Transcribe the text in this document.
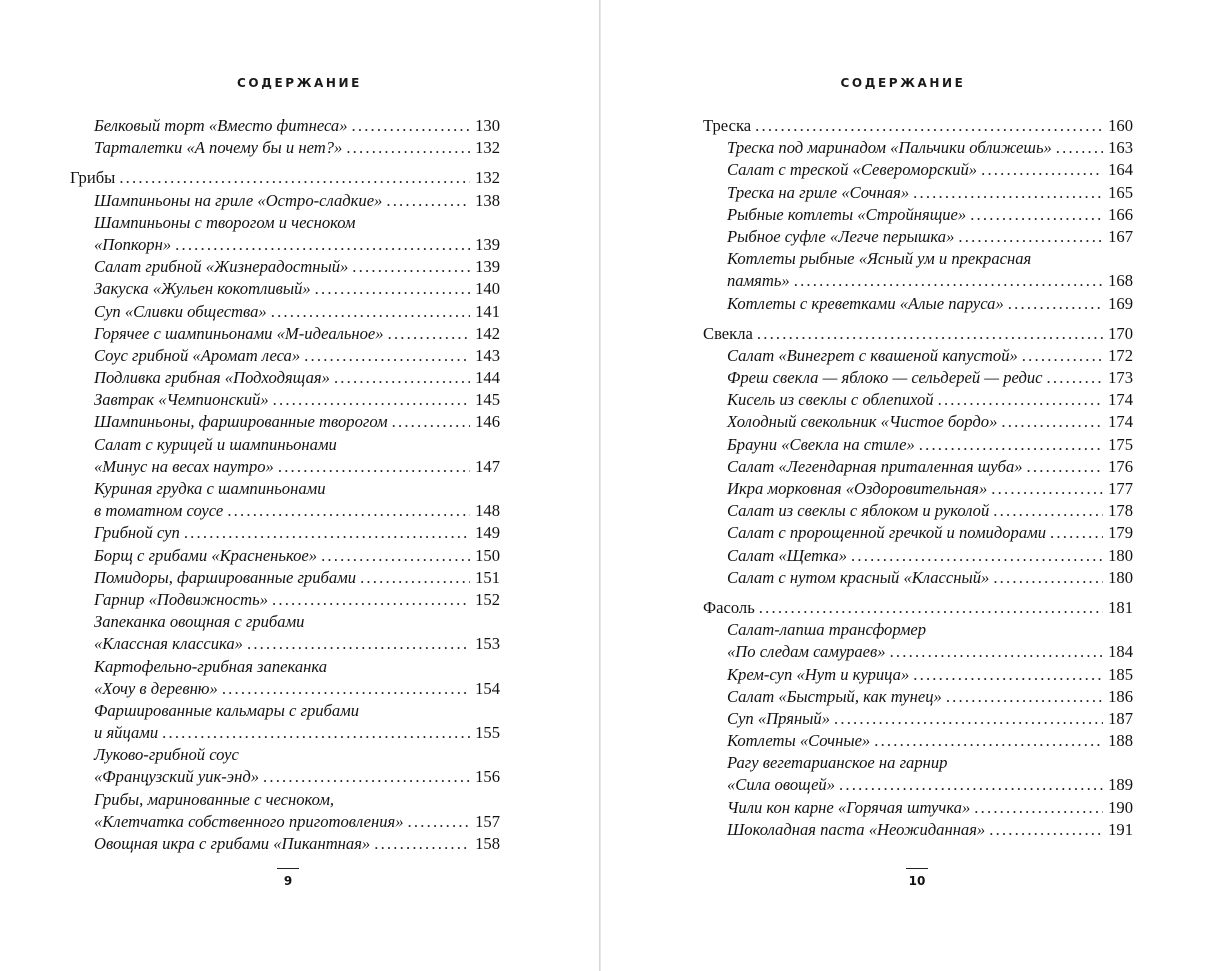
СОДЕРЖАНИЕ
Белковый торт «Вместо фитнеса» .....	130
Тарталетки «А почему бы и нет?» .....	132
Грибы .....	132
Шампиньоны на гриле «Остро-сладкие» .....	138
Шампиньоны с творогом и чесноком
«Попкорн» .....	139
Салат грибной «Жизнерадостный» .....	139
Закуска «Жульен кокотливый» .....	140
Суп «Сливки общества» .....	141
Горячее с шампиньонами «М-идеальное» .....	142
Соус грибной «Аромат леса» .....	143
Подливка грибная «Подходящая» .....	144
Завтрак «Чемпионский» .....	145
Шампиньоны, фаршированные творогом .....	146
Салат с курицей и шампиньонами
«Минус на весах наутро» .....	147
Куриная грудка с шампиньонами
в томатном соусе .....	148
Грибной суп .....	149
Борщ с грибами «Красненькое» .....	150
Помидоры, фаршированные грибами .....	151
Гарнир «Подвижность» .....	152
Запеканка овощная с грибами
«Классная классика» .....	153
Картофельно-грибная запеканка
«Хочу в деревню» .....	154
Фаршированные кальмары с грибами
и яйцами .....	155
Луково-грибной соус
«Французский уик-энд» .....	156
Грибы, маринованные с чесноком,
«Клетчатка собственного приготовления» .....	157
Овощная икра с грибами «Пикантная» .....	158
9
СОДЕРЖАНИЕ
Треска .....	160
Треска под маринадом «Пальчики оближешь» .....	163
Салат с треской «Североморский» .....	164
Треска на гриле «Сочная» .....	165
Рыбные котлеты «Стройнящие» .....	166
Рыбное суфле «Легче перышка» .....	167
Котлеты рыбные «Ясный ум и прекрасная
память» .....	168
Котлеты с креветками «Алые паруса» .....	169
Свекла .....	170
Салат «Винегрет с квашеной капустой» .....	172
Фреш свекла — яблоко — сельдерей — редис .....	173
Кисель из свеклы с облепихой .....	174
Холодный свекольник «Чистое бордо» .....	174
Брауни «Свекла на стиле» .....	175
Салат «Легендарная приталенная шуба» .....	176
Икра морковная «Оздоровительная» .....	177
Салат из свеклы с яблоком и руколой .....	178
Салат с пророщенной гречкой и помидорами .....	179
Салат «Щетка» .....	180
Салат с нутом красный «Классный» .....	180
Фасоль .....	181
Салат-лапша трансформер
«По следам самураев» .....	184
Крем-суп «Нут и курица» .....	185
Салат «Быстрый, как тунец» .....	186
Суп «Пряный» .....	187
Котлеты «Сочные» .....	188
Рагу вегетарианское на гарнир
«Сила овощей» .....	189
Чили кон карне «Горячая штучка» .....	190
Шоколадная паста «Неожиданная» .....	191
10
